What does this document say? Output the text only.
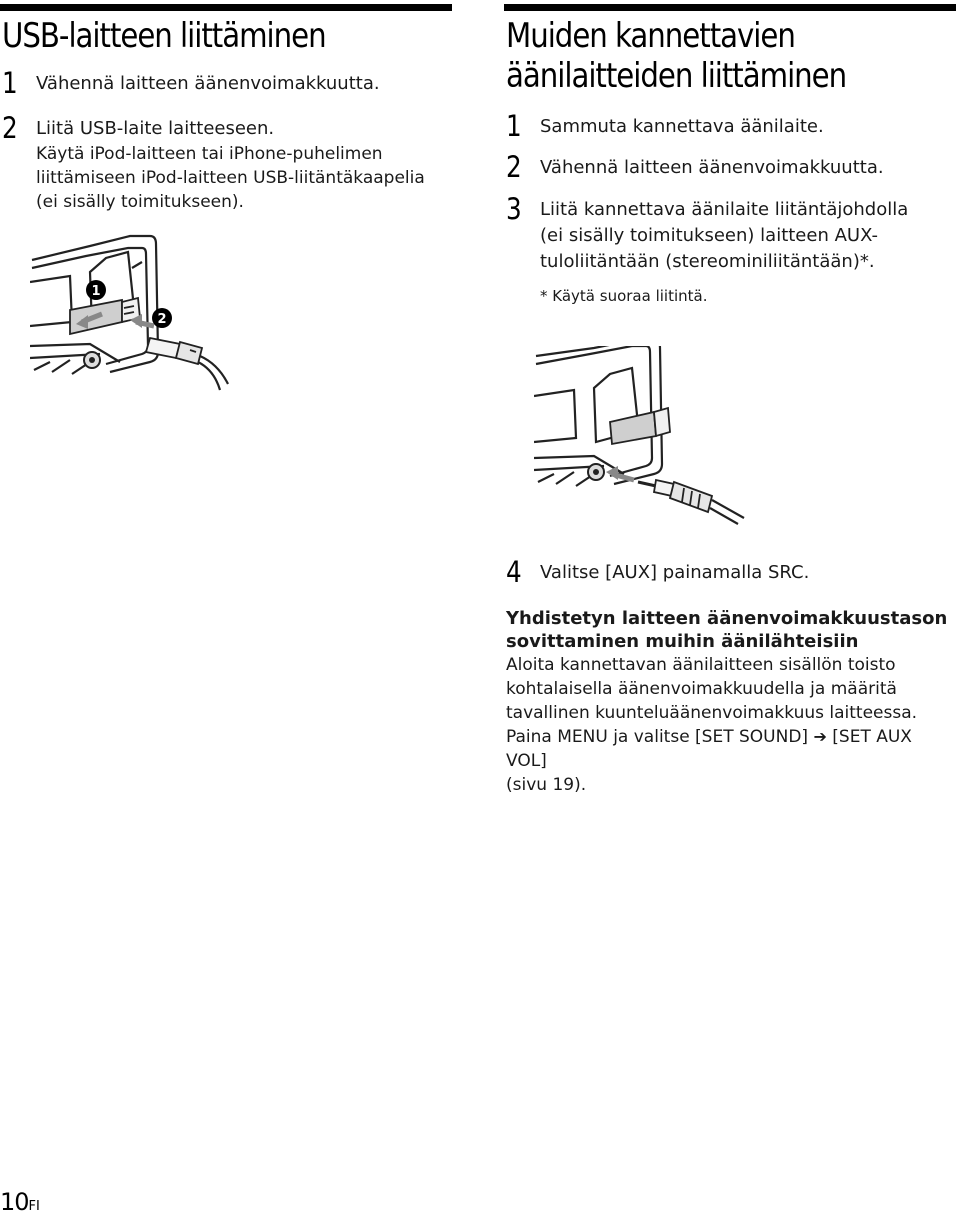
USB-laitteen liittäminen
1 Vähennä laitteen äänenvoimakkuutta.
2 Liitä USB-laite laitteeseen.
Käytä iPod-laitteen tai iPhone-puhelimen
liittämiseen iPod-laitteen USB-liitäntäkaapelia
(ei sisälly toimitukseen).
1
2
10FI
Muiden kannettavien
äänilaitteiden liittäminen
1 Sammuta kannettava äänilaite.
2 Vähennä laitteen äänenvoimakkuutta.
3 Liitä kannettava äänilaite liitäntäjohdolla
(ei sisälly toimitukseen) laitteen AUX-
tuloliitäntään (stereominiliitäntään)*.
* Käytä suoraa liitintä.
4 Valitse [AUX] painamalla SRC.
Yhdistetyn laitteen äänenvoimakkuustason
sovittaminen muihin äänilähteisiin
Aloita kannettavan äänilaitteen sisällön toisto
kohtalaisella äänenvoimakkuudella ja määritä
tavallinen kuunteluäänenvoimakkuus laitteessa.
Paina MENU ja valitse [SET SOUND] ➔ [SET AUX VOL]
(sivu 19).
